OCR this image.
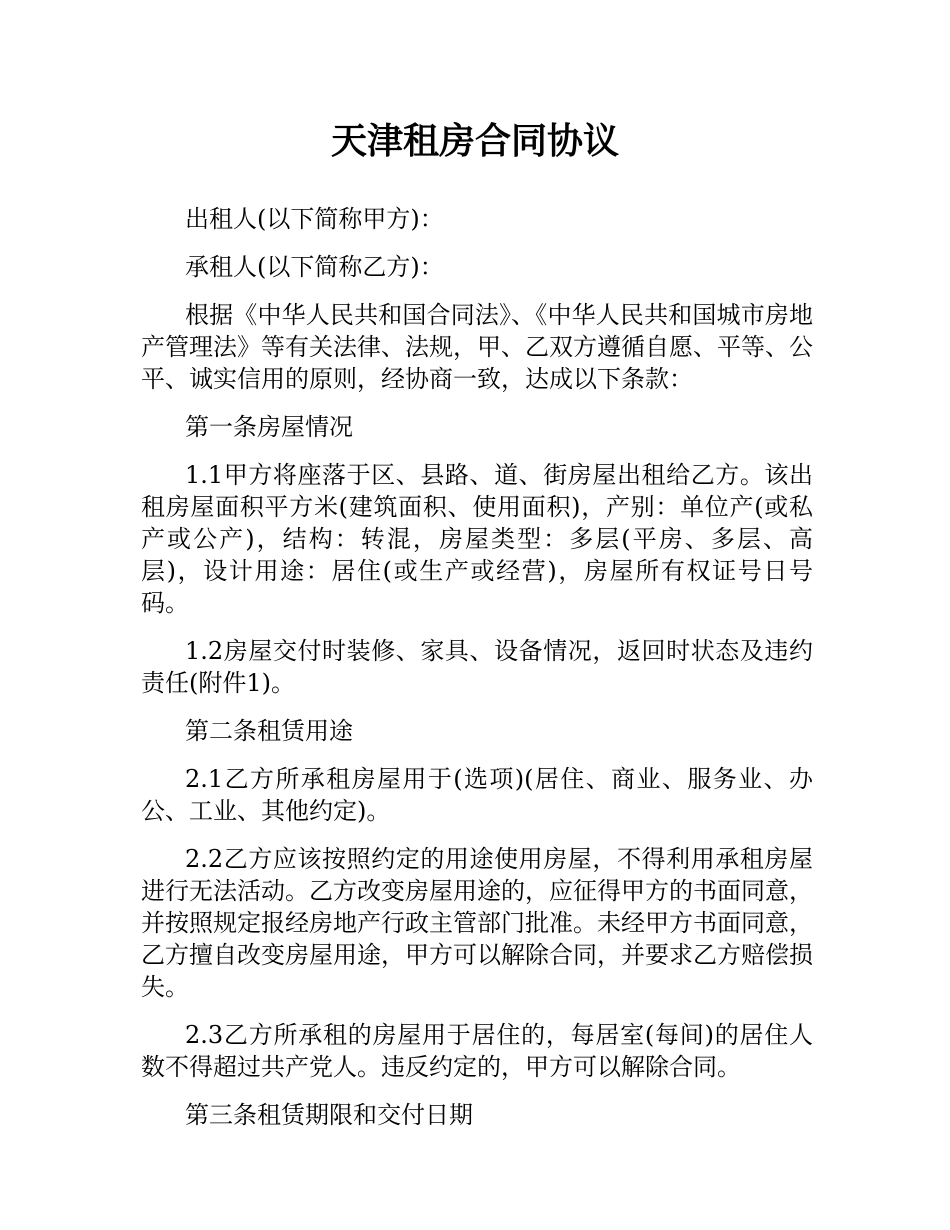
天津租房合同协议

出租人(以下简称甲方)：

承租人(以下简称乙方)：

根据《中华人民共和国合同法》、《中华人民共和国城市房地产管理法》等有关法律、法规，甲、乙双方遵循自愿、平等、公平、诚实信用的原则，经协商一致，达成以下条款：

第一条房屋情况

1.1甲方将座落于区、县路、道、街房屋出租给乙方。该出租房屋面积平方米(建筑面积、使用面积)，产别：单位产(或私产或公产)，结构：转混，房屋类型：多层(平房、多层、高层)，设计用途：居住(或生产或经营)，房屋所有权证号日号码。

1.2房屋交付时装修、家具、设备情况，返回时状态及违约责任(附件1)。

第二条租赁用途

2.1乙方所承租房屋用于(选项)(居住、商业、服务业、办公、工业、其他约定)。

2.2乙方应该按照约定的用途使用房屋，不得利用承租房屋进行无法活动。乙方改变房屋用途的，应征得甲方的书面同意，并按照规定报经房地产行政主管部门批准。未经甲方书面同意，乙方擅自改变房屋用途，甲方可以解除合同，并要求乙方赔偿损失。

2.3乙方所承租的房屋用于居住的，每居室(每间)的居住人数不得超过共产党人。违反约定的，甲方可以解除合同。

第三条租赁期限和交付日期
